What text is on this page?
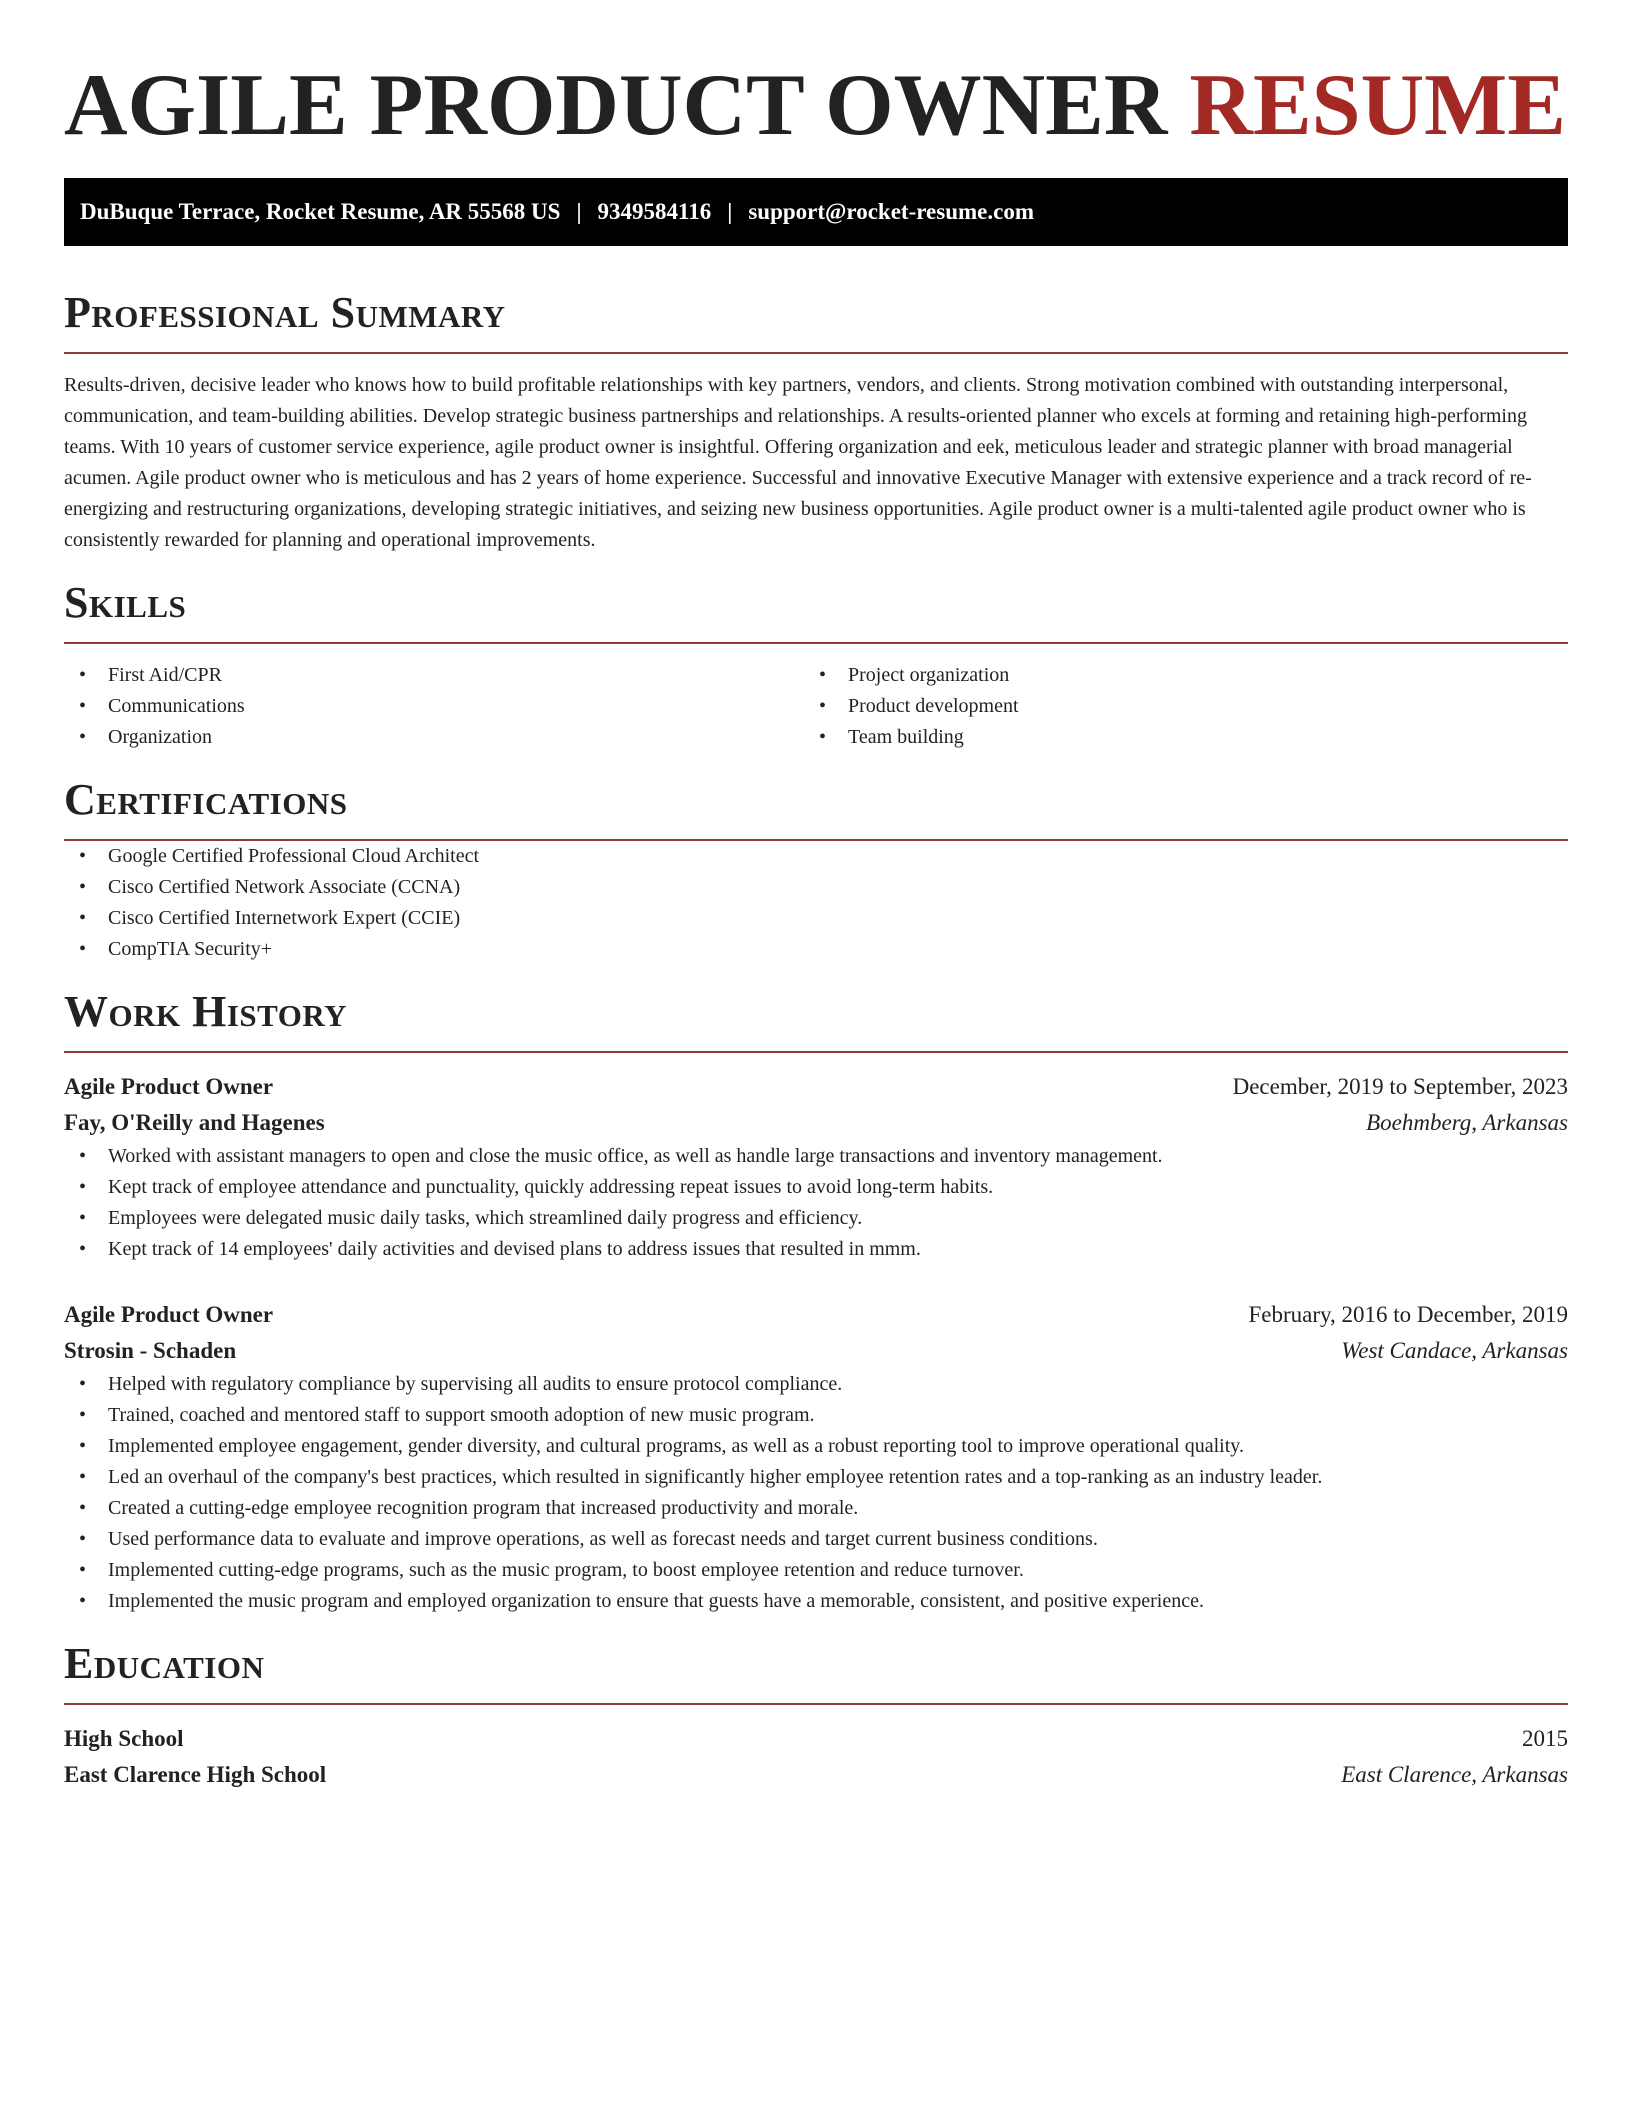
AGILE PRODUCT OWNER RESUME
DuBuque Terrace, Rocket Resume, AR 55568 US | 9349584116 | support@rocket-resume.com
Professional Summary

Results-driven, decisive leader who knows how to build profitable relationships with key partners, vendors, and clients. Strong motivation combined with outstanding interpersonal, communication, and team-building abilities. Develop strategic business partnerships and relationships. A results-oriented planner who excels at forming and retaining high-performing teams. With 10 years of customer service experience, agile product owner is insightful. Offering organization and eek, meticulous leader and strategic planner with broad managerial acumen. Agile product owner who is meticulous and has 2 years of home experience. Successful and innovative Executive Manager with extensive experience and a track record of re-energizing and restructuring organizations, developing strategic initiatives, and seizing new business opportunities. Agile product owner is a multi-talented agile product owner who is consistently rewarded for planning and operational improvements.

Skills
• First Aid/CPR
• Communications
• Organization
• Project organization
• Product development
• Team building
Certifications
• Google Certified Professional Cloud Architect
• Cisco Certified Network Associate (CCNA)
• Cisco Certified Internetwork Expert (CCIE)
• CompTIA Security+
Work History
Agile Product Owner	December, 2019 to September, 2023
Fay, O'Reilly and Hagenes	Boehmberg, Arkansas
• Worked with assistant managers to open and close the music office, as well as handle large transactions and inventory management.
• Kept track of employee attendance and punctuality, quickly addressing repeat issues to avoid long-term habits.
• Employees were delegated music daily tasks, which streamlined daily progress and efficiency.
• Kept track of 14 employees' daily activities and devised plans to address issues that resulted in mmm.
Agile Product Owner	February, 2016 to December, 2019
Strosin - Schaden	West Candace, Arkansas
• Helped with regulatory compliance by supervising all audits to ensure protocol compliance.
• Trained, coached and mentored staff to support smooth adoption of new music program.
• Implemented employee engagement, gender diversity, and cultural programs, as well as a robust reporting tool to improve operational quality.
• Led an overhaul of the company's best practices, which resulted in significantly higher employee retention rates and a top-ranking as an industry leader.
• Created a cutting-edge employee recognition program that increased productivity and morale.
• Used performance data to evaluate and improve operations, as well as forecast needs and target current business conditions.
• Implemented cutting-edge programs, such as the music program, to boost employee retention and reduce turnover.
• Implemented the music program and employed organization to ensure that guests have a memorable, consistent, and positive experience.
Education
High School	2015
East Clarence High School	East Clarence, Arkansas
